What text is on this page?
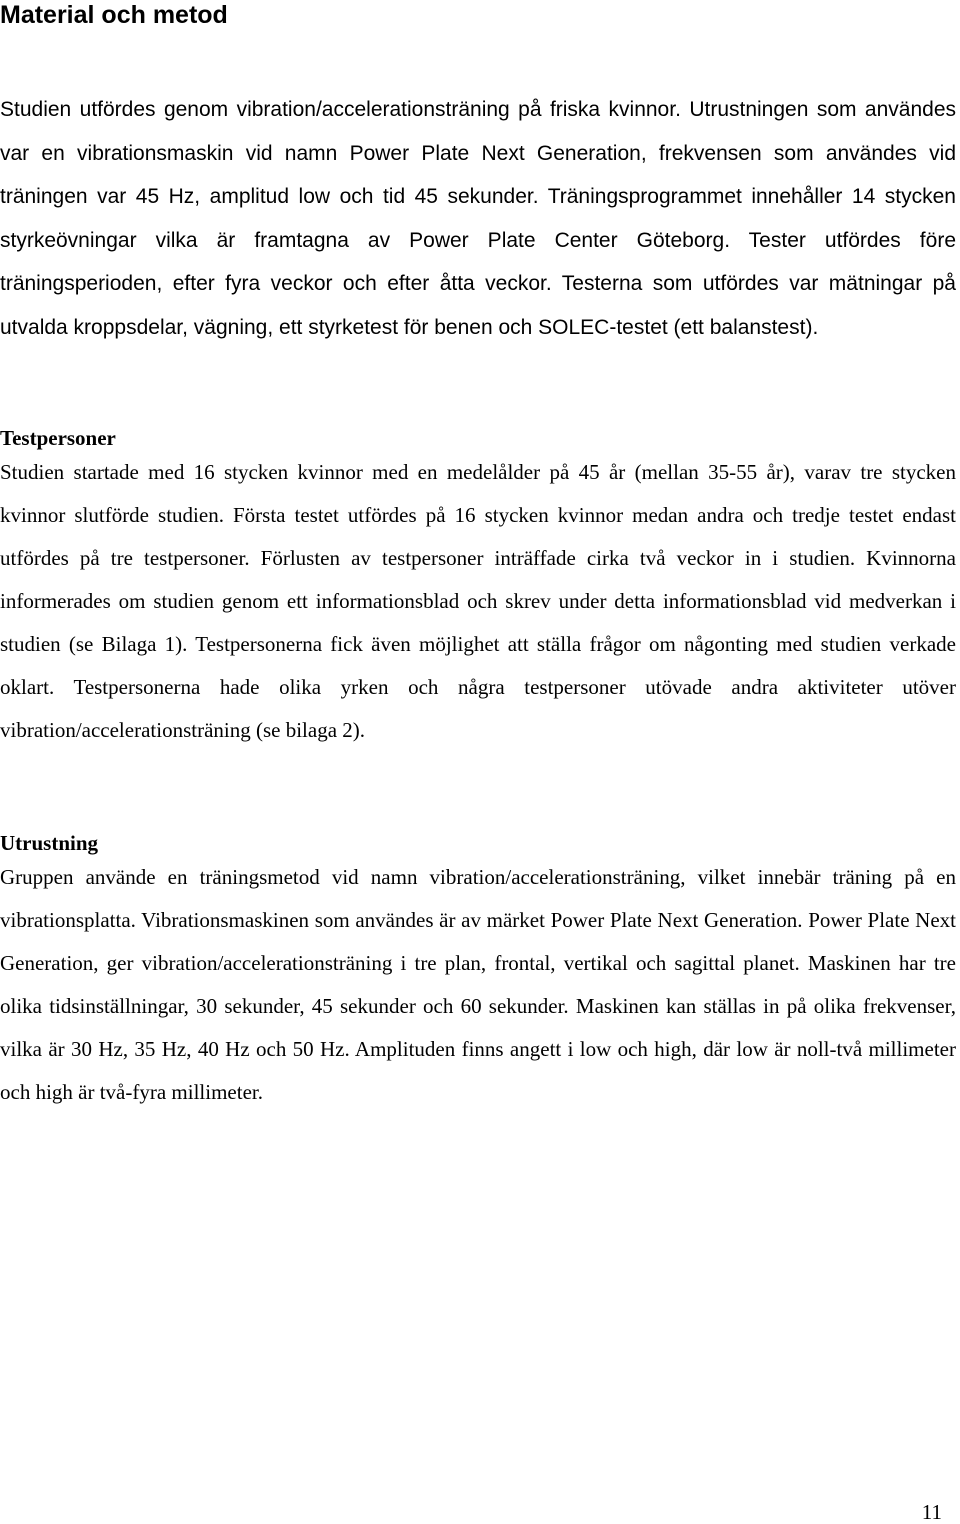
Material och metod

Studien utfördes genom vibration/accelerationsträning på friska kvinnor. Utrustningen som användes var en vibrationsmaskin vid namn Power Plate Next Generation, frekvensen som användes vid träningen var 45 Hz, amplitud low och tid 45 sekunder. Träningsprogrammet innehåller 14 stycken styrkeövningar vilka är framtagna av Power Plate Center Göteborg. Tester utfördes före träningsperioden, efter fyra veckor och efter åtta veckor. Testerna som utfördes var mätningar på utvalda kroppsdelar, vägning, ett styrketest för benen och SOLEC-testet (ett balanstest).

Testpersoner

Studien startade med 16 stycken kvinnor med en medelålder på 45 år (mellan 35-55 år), varav tre stycken kvinnor slutförde studien. Första testet utfördes på 16 stycken kvinnor medan andra och tredje testet endast utfördes på tre testpersoner. Förlusten av testpersoner inträffade cirka två veckor in i studien. Kvinnorna informerades om studien genom ett informationsblad och skrev under detta informationsblad vid medverkan i studien (se Bilaga 1). Testpersonerna fick även möjlighet att ställa frågor om någonting med studien verkade oklart. Testpersonerna hade olika yrken och några testpersoner utövade andra aktiviteter utöver vibration/accelerationsträning (se bilaga 2).

Utrustning

Gruppen använde en träningsmetod vid namn vibration/accelerationsträning, vilket innebär träning på en vibrationsplatta. Vibrationsmaskinen som användes är av märket Power Plate Next Generation. Power Plate Next Generation, ger vibration/accelerationsträning i tre plan, frontal, vertikal och sagittal planet. Maskinen har tre olika tidsinställningar, 30 sekunder, 45 sekunder och 60 sekunder. Maskinen kan ställas in på olika frekvenser, vilka är 30 Hz, 35 Hz, 40 Hz och 50 Hz. Amplituden finns angett i low och high, där low är noll-två millimeter och high är två-fyra millimeter.

11
